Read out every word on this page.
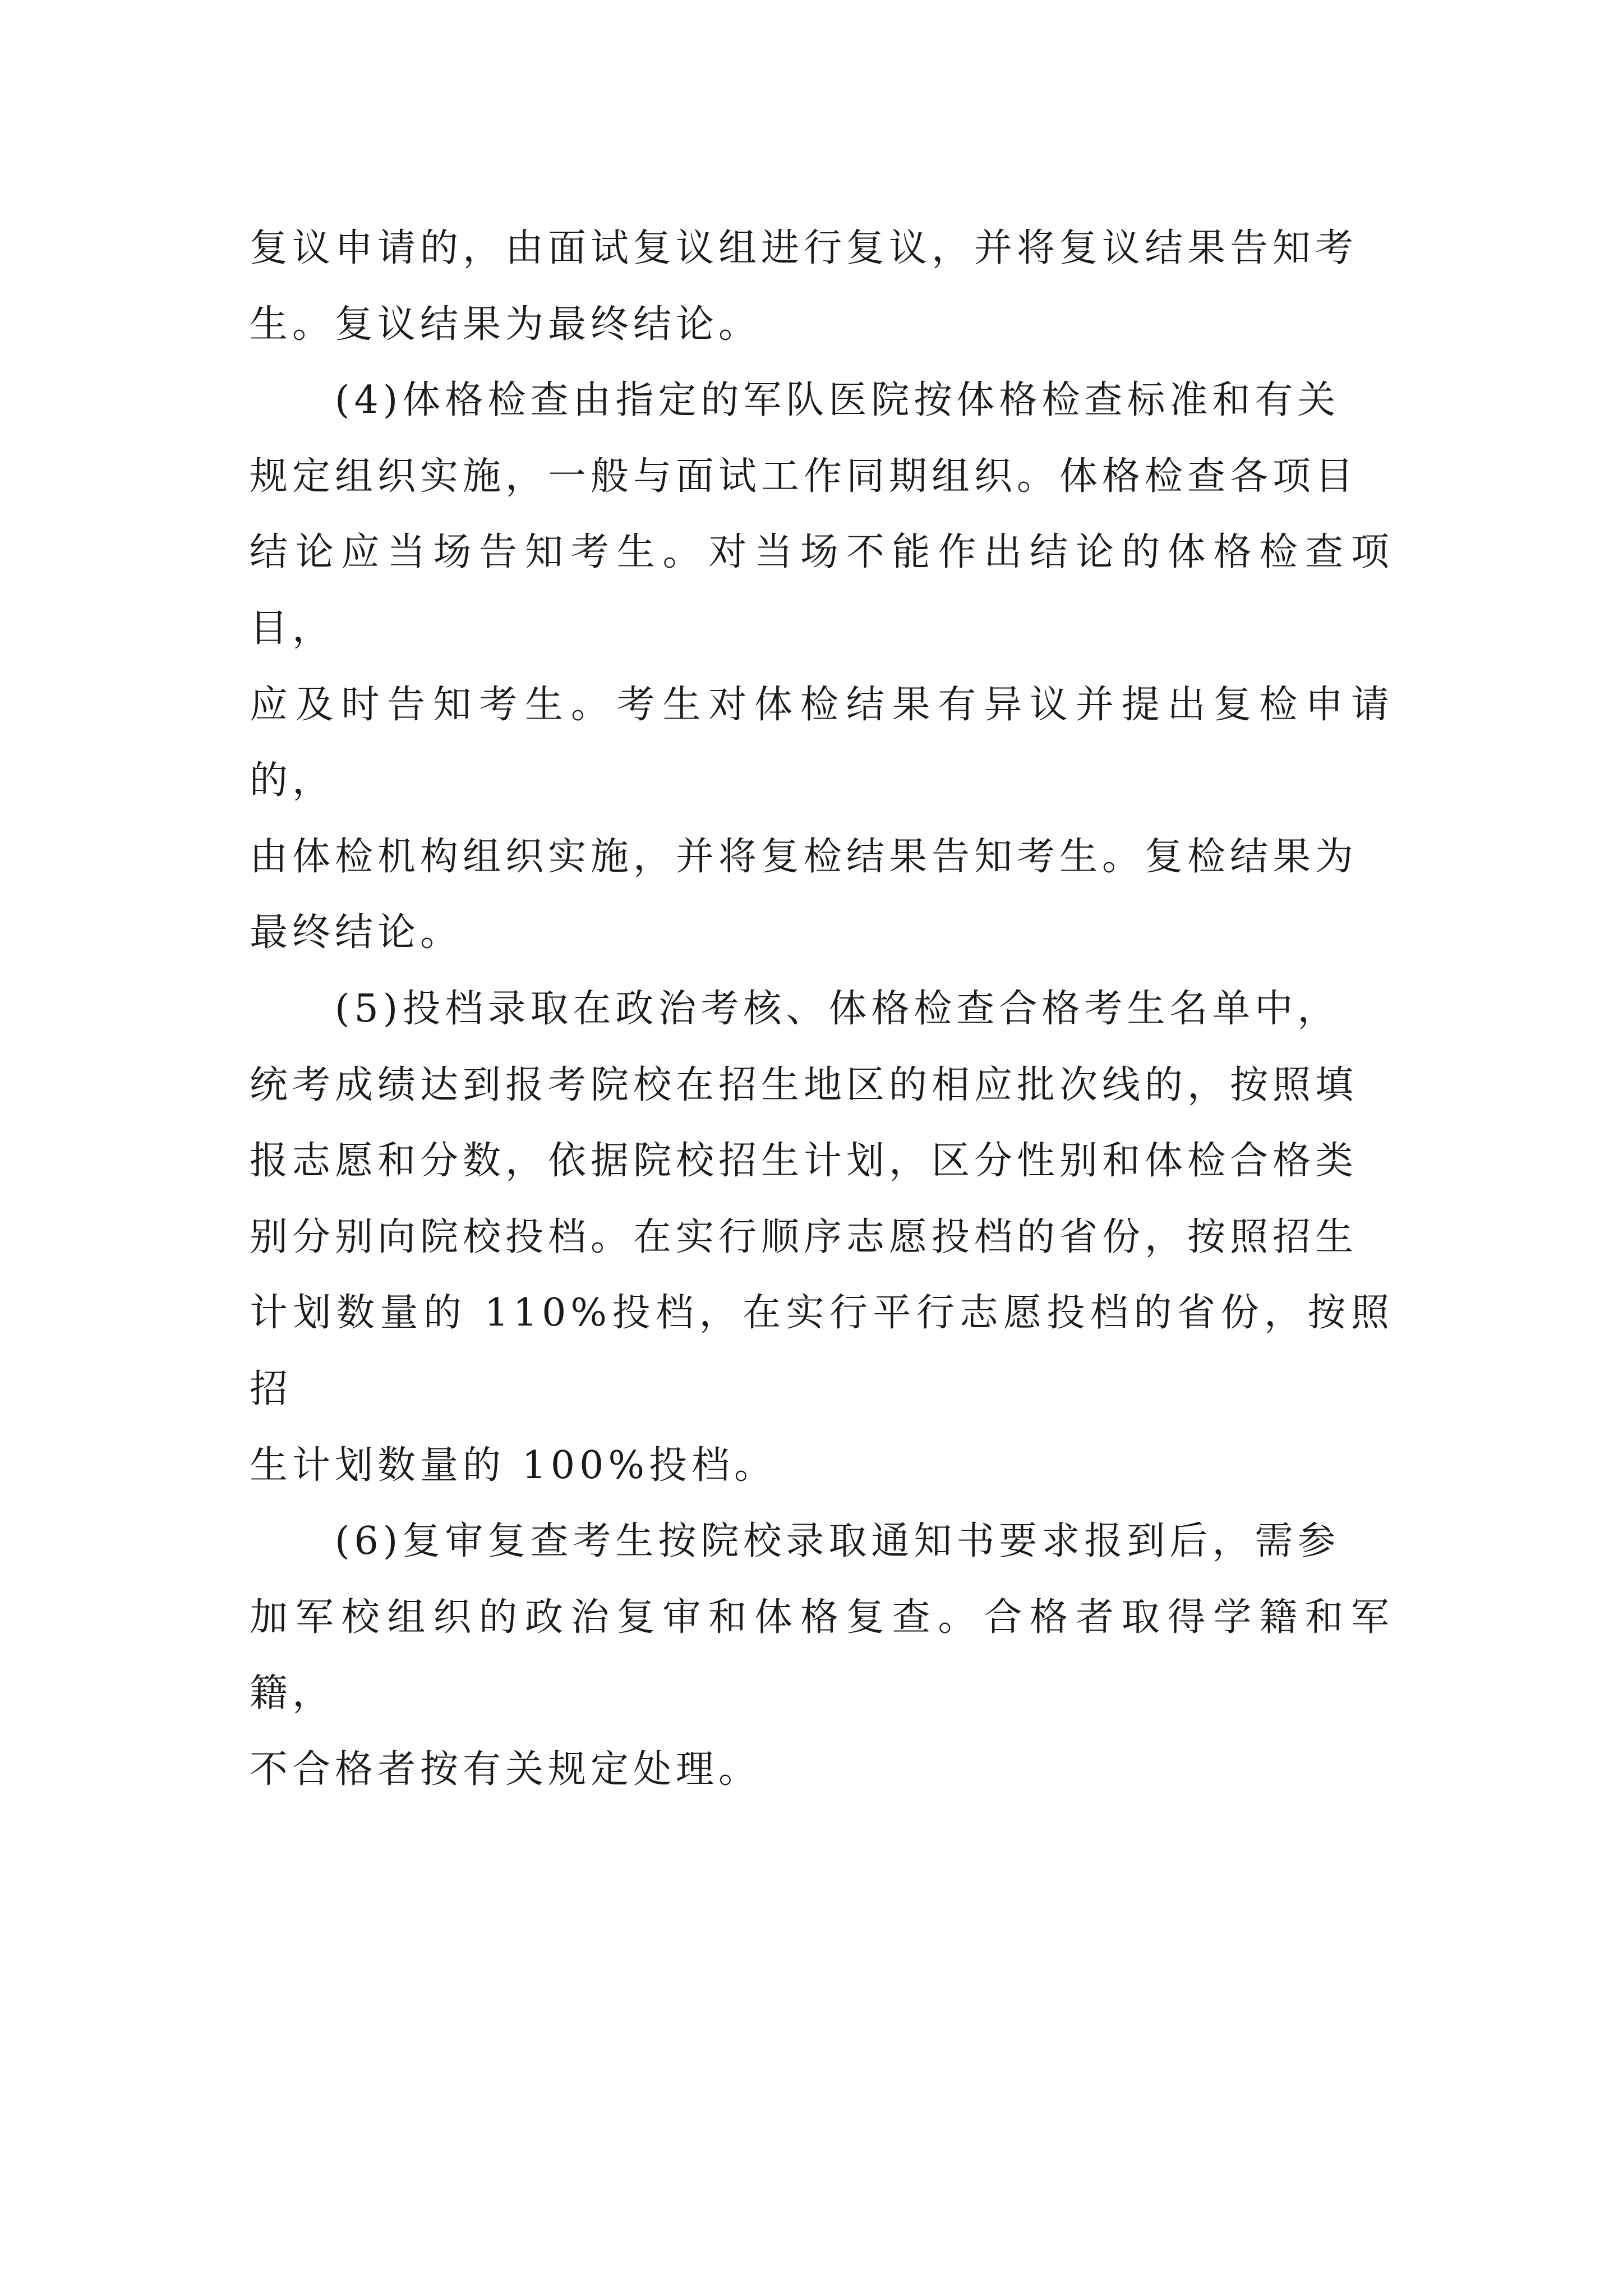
复议申请的，由面试复议组进行复议，并将复议结果告知考
生。复议结果为最终结论。

(4)体格检查由指定的军队医院按体格检查标准和有关
规定组织实施，一般与面试工作同期组织。体格检查各项目
结论应当场告知考生。对当场不能作出结论的体格检查项目，
应及时告知考生。考生对体检结果有异议并提出复检申请的，
由体检机构组织实施，并将复检结果告知考生。复检结果为
最终结论。

(5)投档录取在政治考核、体格检查合格考生名单中，
统考成绩达到报考院校在招生地区的相应批次线的，按照填
报志愿和分数，依据院校招生计划，区分性别和体检合格类
别分别向院校投档。在实行顺序志愿投档的省份，按照招生
计划数量的 110%投档，在实行平行志愿投档的省份，按照招
生计划数量的 100%投档。

(6)复审复查考生按院校录取通知书要求报到后，需参
加军校组织的政治复审和体格复查。合格者取得学籍和军籍，
不合格者按有关规定处理。
